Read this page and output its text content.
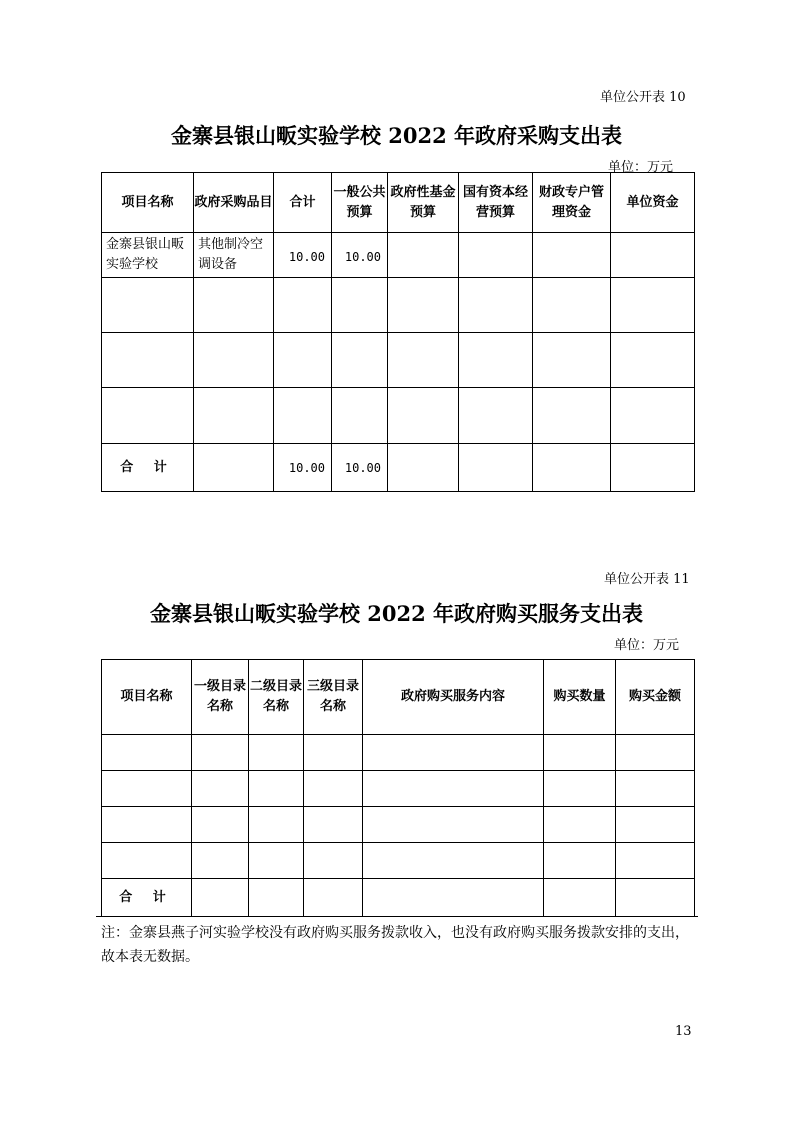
单位公开表 10
金寨县银山畈实验学校 2022 年政府采购支出表
单位：万元
项目名称	政府采购品目	合计	一般公共预算	政府性基金预算	国有资本经营预算	财政专户管理资金	单位资金
金寨县银山畈实验学校	其他制冷空调设备	10.00	10.00				

合 计		10.00	10.00				
单位公开表 11
金寨县银山畈实验学校 2022 年政府购买服务支出表
单位：万元
项目名称	一级目录名称	二级目录名称	三级目录名称	政府购买服务内容	购买数量	购买金额

合 计						
注：金寨县燕子河实验学校没有政府购买服务拨款收入，也没有政府购买服务拨款安排的支出，故本表无数据。
13
